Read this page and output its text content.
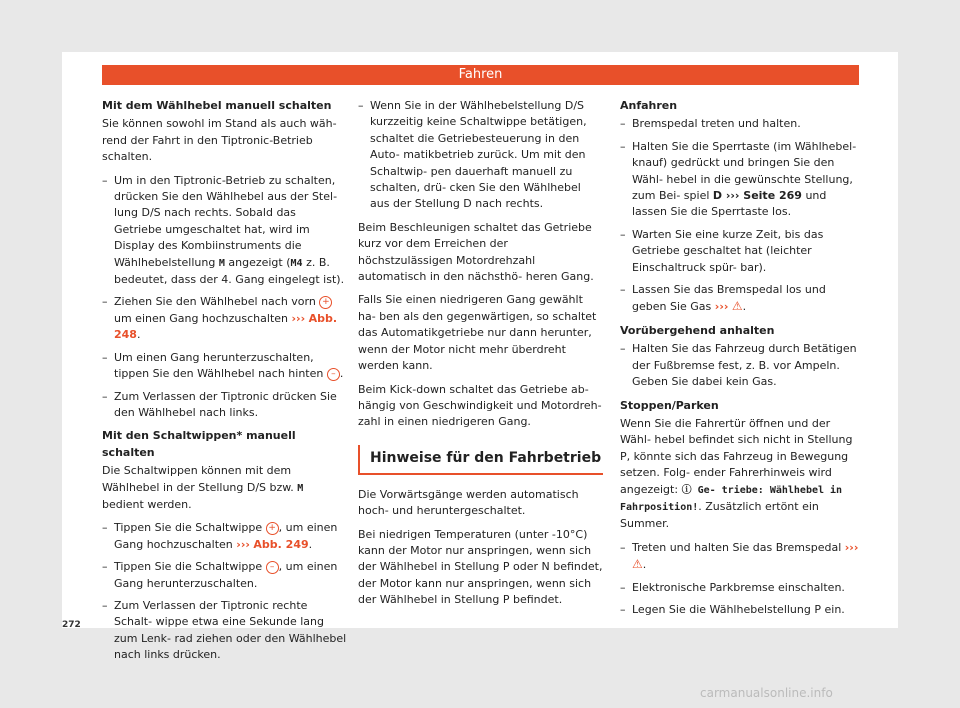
Fahren
Mit dem Wählhebel manuell schalten

Sie können sowohl im Stand als auch wäh- rend der Fahrt in den Tiptronic-Betrieb schalten.

– Um in den Tiptronic-Betrieb zu schalten, drücken Sie den Wählhebel aus der Stel- lung D/S nach rechts. Sobald das Getriebe umgeschaltet hat, wird im Display des Kombiinstruments die Wählhebelstellung M angezeigt (M4 z. B. bedeutet, dass der 4. Gang eingelegt ist).
– Ziehen Sie den Wählhebel nach vorn + um einen Gang hochzuschalten ››› Abb. 248.
– Um einen Gang herunterzuschalten, tippen Sie den Wählhebel nach hinten – .
– Zum Verlassen der Tiptronic drücken Sie den Wählhebel nach links.
Mit den Schaltwippen* manuell schalten

Die Schaltwippen können mit dem Wählhebel in der Stellung D/S bzw. M bedient werden.

– Tippen Sie die Schaltwippe + , um einen Gang hochzuschalten ››› Abb. 249.
– Tippen Sie die Schaltwippe – , um einen Gang herunterzuschalten.
– Zum Verlassen der Tiptronic rechte Schalt- wippe etwa eine Sekunde lang zum Lenk- rad ziehen oder den Wählhebel nach links drücken.
– Wenn Sie in der Wählhebelstellung D/S kurzzeitig keine Schaltwippe betätigen, schaltet die Getriebesteuerung in den Auto- matikbetrieb zurück. Um mit den Schaltwip- pen dauerhaft manuell zu schalten, drü- cken Sie den Wählhebel aus der Stellung D nach rechts.

Beim Beschleunigen schaltet das Getriebe kurz vor dem Erreichen der höchstzulässigen Motordrehzahl automatisch in den nächsthö- heren Gang.

Falls Sie einen niedrigeren Gang gewählt ha- ben als den gegenwärtigen, so schaltet das Automatikgetriebe nur dann herunter, wenn der Motor nicht mehr überdreht werden kann.

Beim Kick-down schaltet das Getriebe ab- hängig von Geschwindigkeit und Motordreh- zahl in einen niedrigeren Gang.

Hinweise für den Fahrbetrieb

Die Vorwärtsgänge werden automatisch hoch- und heruntergeschaltet.

Bei niedrigen Temperaturen (unter -10°C) kann der Motor nur anspringen, wenn sich der Wählhebel in Stellung P oder N befindet, der Motor kann nur anspringen, wenn sich der Wählhebel in Stellung P befindet.

Anfahren
– Bremspedal treten und halten.
– Halten Sie die Sperrtaste (im Wählhebel- knauf) gedrückt und bringen Sie den Wähl- hebel in die gewünschte Stellung, zum Bei- spiel D ››› Seite 269 und lassen Sie die Sperrtaste los.
– Warten Sie eine kurze Zeit, bis das Getriebe geschaltet hat (leichter Einschaltruck spür- bar).
– Lassen Sie das Bremspedal los und geben Sie Gas ››› ⚠.
Vorübergehend anhalten
– Halten Sie das Fahrzeug durch Betätigen der Fußbremse fest, z. B. vor Ampeln. Geben Sie dabei kein Gas.
Stoppen/Parken

Wenn Sie die Fahrertür öffnen und der Wähl- hebel befindet sich nicht in Stellung P, könnte sich das Fahrzeug in Bewegung setzen. Folg- ender Fahrerhinweis wird angezeigt: ⓘ Ge- triebe: Wählhebel in Fahrposition!. Zusätzlich ertönt ein Summer.

– Treten und halten Sie das Bremspedal ››› ⚠.
– Elektronische Parkbremse einschalten.
– Legen Sie die Wählhebelstellung P ein.
272
carmanualsonline.info
